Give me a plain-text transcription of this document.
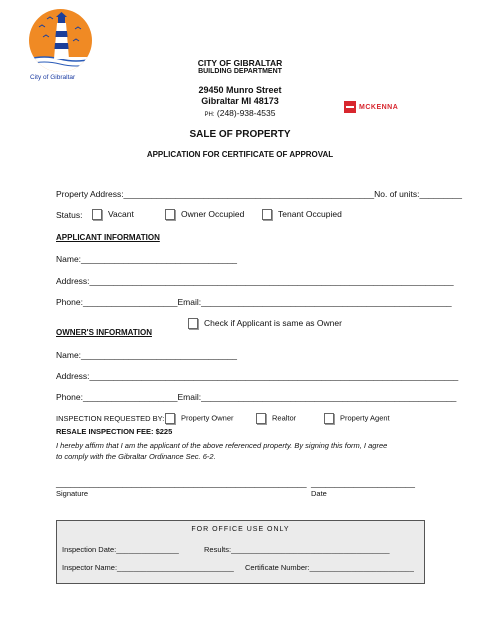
City of Gibraltar
CITY OF GIBRALTAR
BUILDING DEPARTMENT
29450 Munro Street
Gibraltar MI 48173
PH: (248)-938-4535
MCKENNA
SALE OF PROPERTY
APPLICATION FOR CERTIFICATE OF APPROVAL
Property Address:_____________________________________________________No. of units:_________
Status:	Vacant	Owner Occupied	Tenant Occupied
APPLICANT INFORMATION
Name:_________________________________
Address:_____________________________________________________________________________
Phone:____________________Email:_____________________________________________________
Check if Applicant is same as Owner
OWNER'S INFORMATION
Name:_________________________________
Address:______________________________________________________________________________
Phone:____________________Email:______________________________________________________
INSPECTION REQUESTED BY:	Property Owner	Realtor	Property Agent
RESALE INSPECTION FEE: $225
I hereby affirm that I am the applicant of the above referenced property. By signing this form, I agree
to comply with the Gibraltar Ordinance Sec. 6-2.
_____________________________________________________
Signature
______________________
Date
FOR OFFICE USE ONLY
Inspection Date:_______________	Results:______________________________________
Inspector Name:____________________________ Certificate Number:_________________________
